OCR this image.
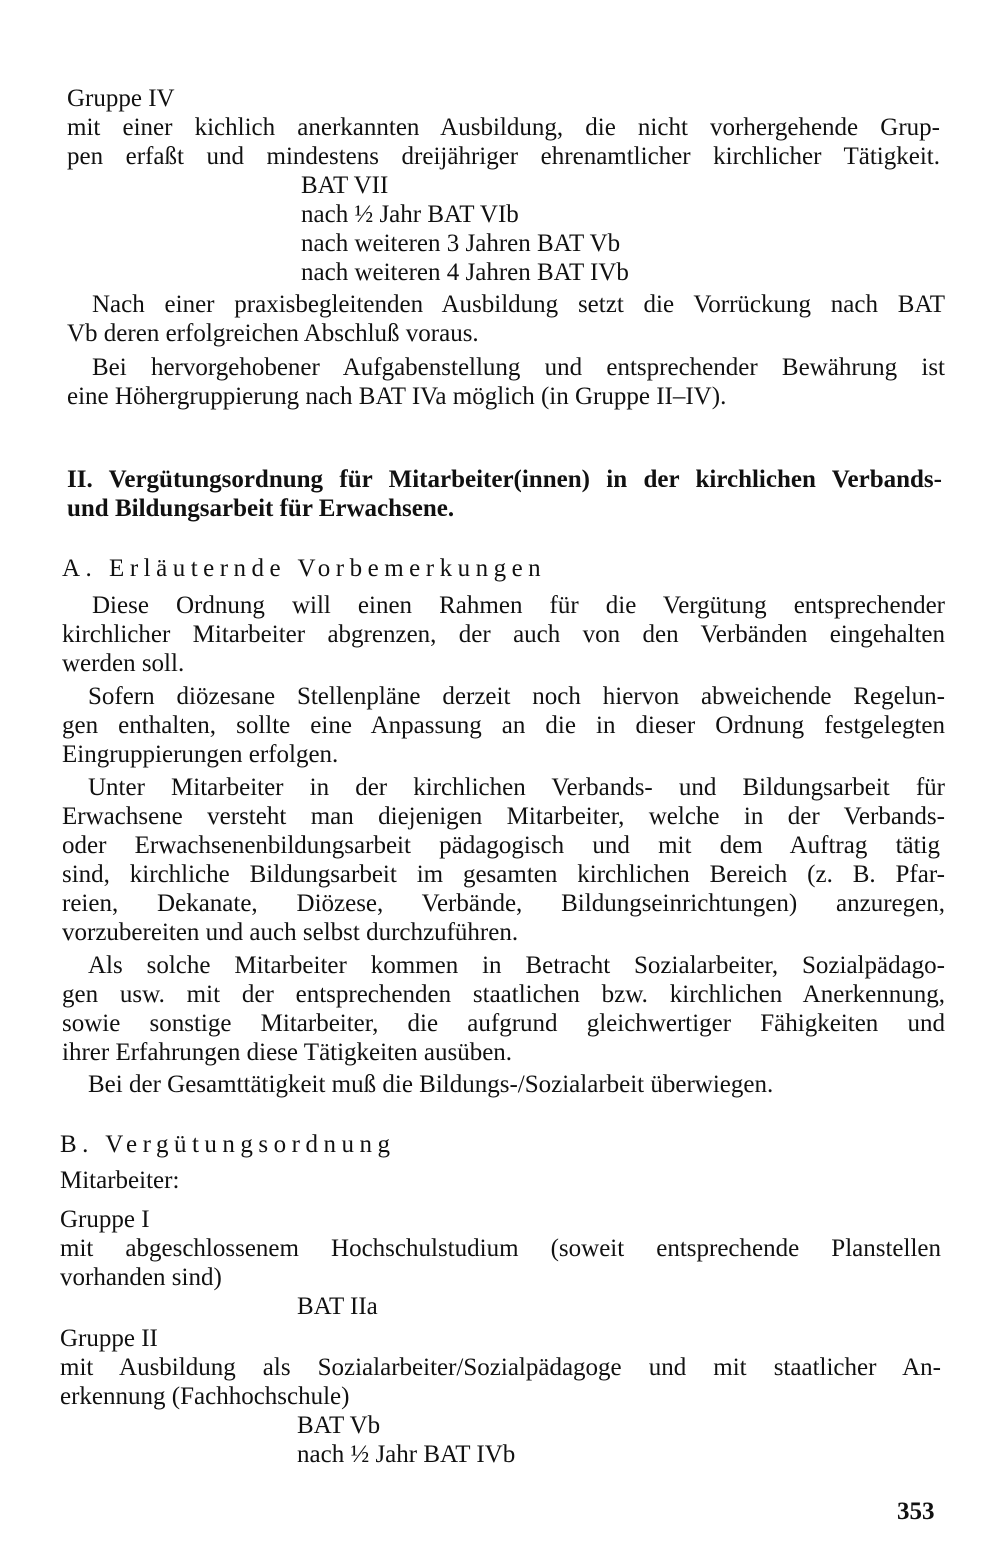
Gruppe IV
mit einer kichlich anerkannten Ausbildung, die nicht vorhergehende Grup-
pen erfaßt und mindestens dreijähriger ehrenamtlicher kirchlicher Tätigkeit.
BAT VII
nach ½ Jahr BAT VIb
nach weiteren 3 Jahren BAT Vb
nach weiteren 4 Jahren BAT IVb
Nach einer praxisbegleitenden Ausbildung setzt die Vorrückung nach BAT
Vb deren erfolgreichen Abschluß voraus.
Bei hervorgehobener Aufgabenstellung und entsprechender Bewährung ist
eine Höhergruppierung nach BAT IVa möglich (in Gruppe II–IV).
II. Vergütungsordnung für Mitarbeiter(innen) in der kirchlichen Verbands-
und Bildungsarbeit für Erwachsene.
A. Erläuternde Vorbemerkungen
Diese Ordnung will einen Rahmen für die Vergütung entsprechender
kirchlicher Mitarbeiter abgrenzen, der auch von den Verbänden eingehalten
werden soll.
Sofern diözesane Stellenpläne derzeit noch hiervon abweichende Regelun-
gen enthalten, sollte eine Anpassung an die in dieser Ordnung festgelegten
Eingruppierungen erfolgen.
Unter Mitarbeiter in der kirchlichen Verbands- und Bildungsarbeit für
Erwachsene versteht man diejenigen Mitarbeiter, welche in der Verbands-
oder Erwachsenenbildungsarbeit pädagogisch und mit dem Auftrag tätig
sind, kirchliche Bildungsarbeit im gesamten kirchlichen Bereich (z. B. Pfar-
reien, Dekanate, Diözese, Verbände, Bildungseinrichtungen) anzuregen,
vorzubereiten und auch selbst durchzuführen.
Als solche Mitarbeiter kommen in Betracht Sozialarbeiter, Sozialpädago-
gen usw. mit der entsprechenden staatlichen bzw. kirchlichen Anerkennung,
sowie sonstige Mitarbeiter, die aufgrund gleichwertiger Fähigkeiten und
ihrer Erfahrungen diese Tätigkeiten ausüben.
Bei der Gesamttätigkeit muß die Bildungs-/Sozialarbeit überwiegen.
B. Vergütungsordnung
Mitarbeiter:
Gruppe I
mit abgeschlossenem Hochschulstudium (soweit entsprechende Planstellen
vorhanden sind)
BAT IIa
Gruppe II
mit Ausbildung als Sozialarbeiter/Sozialpädagoge und mit staatlicher An-
erkennung (Fachhochschule)
BAT Vb
nach ½ Jahr BAT IVb
353
